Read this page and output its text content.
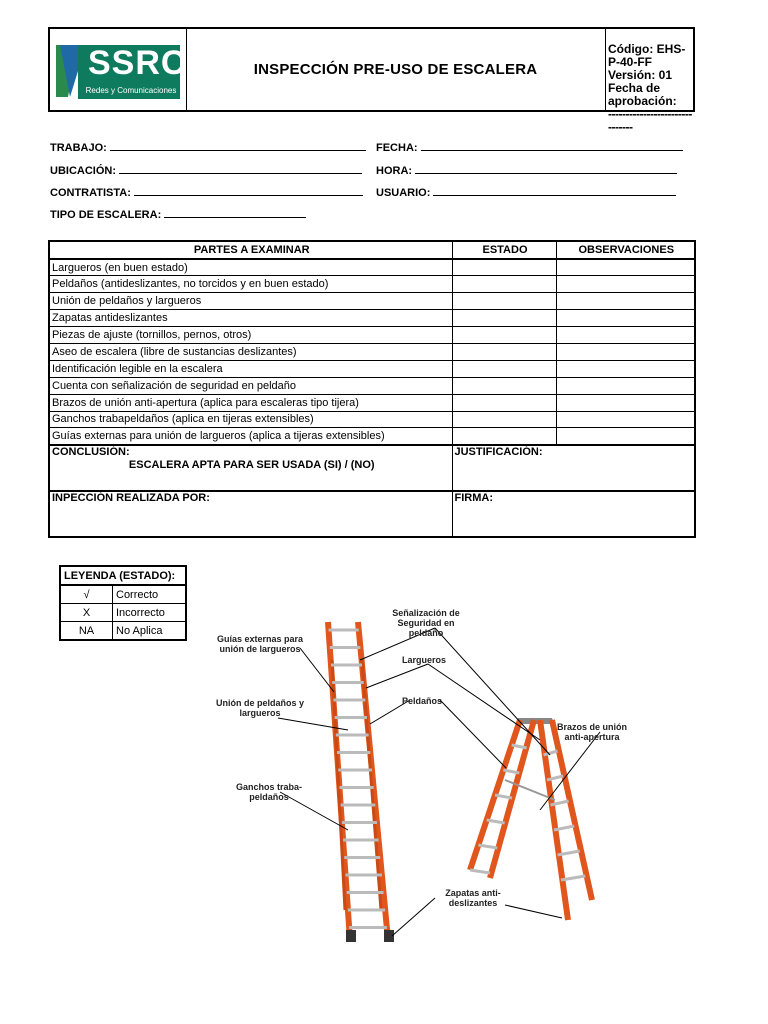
SSRC
Redes y Comunicaciones
INSPECCIÓN PRE-USO DE ESCALERA
Código: EHS-P-40-FF
Versión: 01
Fecha de aprobación:
-------------------------------
TRABAJO:	FECHA:
UBICACIÓN:	HORA:
CONTRATISTA:	USUARIO:
TIPO DE ESCALERA:
PARTES A EXAMINAR	ESTADO	OBSERVACIONES
Largueros (en buen estado)		
Peldaños (antideslizantes, no torcidos y en buen estado)		
Unión de peldaños y largueros		
Zapatas antideslizantes		
Piezas de ajuste (tornillos, pernos, otros)		
Aseo de escalera (libre de sustancias deslizantes)		
Identificación legible en la escalera		
Cuenta con señalización de seguridad en peldaño		
Brazos de unión anti-apertura (aplica para escaleras tipo tijera)		
Ganchos trabapeldaños (aplica en tijeras extensibles)		
Guías externas para unión de largueros (aplica a tijeras extensibles)		

CONCLUSIÓN:
ESCALERA APTA PARA SER USADA (SI) / (NO)	JUSTIFICACIÓN:	

INPECCIÓN REALIZADA POR:	FIRMA:	
LEYENDA (ESTADO):	
√	Correcto
X	Incorrecto
NA	No Aplica
Guías externas para unión de largueros
Unión de peldaños y largueros
Ganchos traba-peldaños
Señalización de Seguridad en peldaño
Largueros
Peldaños
Brazos de unión anti-apertura
Zapatas anti-deslizantes
